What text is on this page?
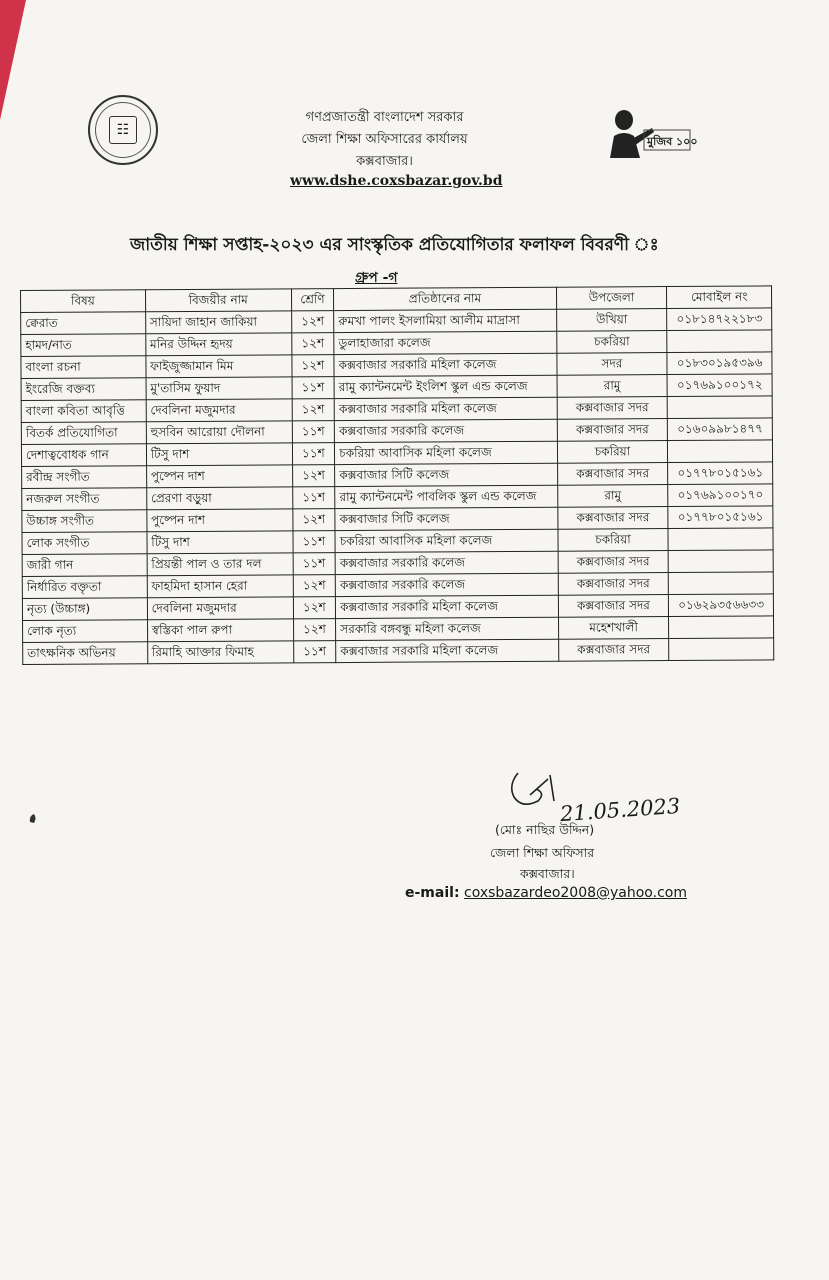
☷
মুজিব ১০০
গণপ্রজাতন্ত্রী বাংলাদেশ সরকার
জেলা শিক্ষা অফিসারের কার্যালয়
কক্সবাজার।
www.dshe.coxsbazar.gov.bd
জাতীয় শিক্ষা সপ্তাহ-২০২৩ এর সাংস্কৃতিক প্রতিযোগিতার ফলাফল বিবরণী ঃ
গ্রুপ -গ
বিষয়	বিজয়ীর নাম	শ্রেণি	প্রতিষ্ঠানের নাম	উপজেলা	মোবাইল নং
ক্বেরাত	সায়িদা জাহান জাকিয়া	১২শ	রুমখা পালং ইসলামিয়া আলীম মাদ্রাসা	উখিয়া	০১৮১৪৭২২১৮৩
হামদ/নাত	মনির উদ্দিন হৃদয়	১২শ	ডুলাহাজারা কলেজ	চকরিয়া	
বাংলা রচনা	ফাইজুজ্জামান মিম	১২শ	কক্সবাজার সরকারি মহিলা কলেজ	সদর	০১৮৩০১৯৫৩৯৬
ইংরেজি বক্তব্য	মু'তাসিম ফুয়াদ	১১শ	রামু ক্যান্টনমেন্ট ইংলিশ স্কুল এন্ড কলেজ	রামু	০১৭৬৯১০০১৭২
বাংলা কবিতা আবৃত্তি	দেবলিনা মজুমদার	১২শ	কক্সবাজার সরকারি মহিলা কলেজ	কক্সবাজার সদর	
বিতর্ক প্রতিযোগিতা	হুসবিন আরোয়া দৌলনা	১১শ	কক্সবাজার সরকারি কলেজ	কক্সবাজার সদর	০১৬০৯৯৮১৪৭৭
দেশাত্ববোধক গান	টিসু দাশ	১১শ	চকরিয়া আবাসিক মহিলা কলেজ	চকরিয়া	
রবীন্দ্র সংগীত	পুষ্পেন দাশ	১২শ	কক্সবাজার সিটি কলেজ	কক্সবাজার সদর	০১৭৭৮০১৫১৬১
নজরুল সংগীত	প্রেরণা বড়ুয়া	১১শ	রামু ক্যান্টনমেন্ট পাবলিক স্কুল এন্ড কলেজ	রামু	০১৭৬৯১০০১৭০
উচ্চাঙ্গ সংগীত	পুষ্পেন দাশ	১২শ	কক্সবাজার সিটি কলেজ	কক্সবাজার সদর	০১৭৭৮০১৫১৬১
লোক সংগীত	টিসু দাশ	১১শ	চকরিয়া আবাসিক মহিলা কলেজ	চকরিয়া	
জারী গান	প্রিয়ন্তী পাল ও তার দল	১১শ	কক্সবাজার সরকারি কলেজ	কক্সবাজার সদর	
নির্ধারিত বক্তৃতা	ফাহমিদা হাসান হেরা	১২শ	কক্সবাজার সরকারি কলেজ	কক্সবাজার সদর	
নৃত্য (উচ্চাঙ্গ)	দেবলিনা মজুমদার	১২শ	কক্সবাজার সরকারি মহিলা কলেজ	কক্সবাজার সদর	০১৬২৯৩৫৬৬৩৩
লোক নৃত্য	স্বস্তিকা পাল রুপা	১২শ	সরকারি বঙ্গবন্ধু মহিলা কলেজ	মহেশখালী	
তাৎক্ষনিক অভিনয়	রিমাহি আক্তার ফিমাহ	১১শ	কক্সবাজার সরকারি মহিলা কলেজ	কক্সবাজার সদর	
21.05.2023
(মোঃ নাছির উদ্দিন)
জেলা শিক্ষা অফিসার
কক্সবাজার।
e-mail: coxsbazardeo2008@yahoo.com
